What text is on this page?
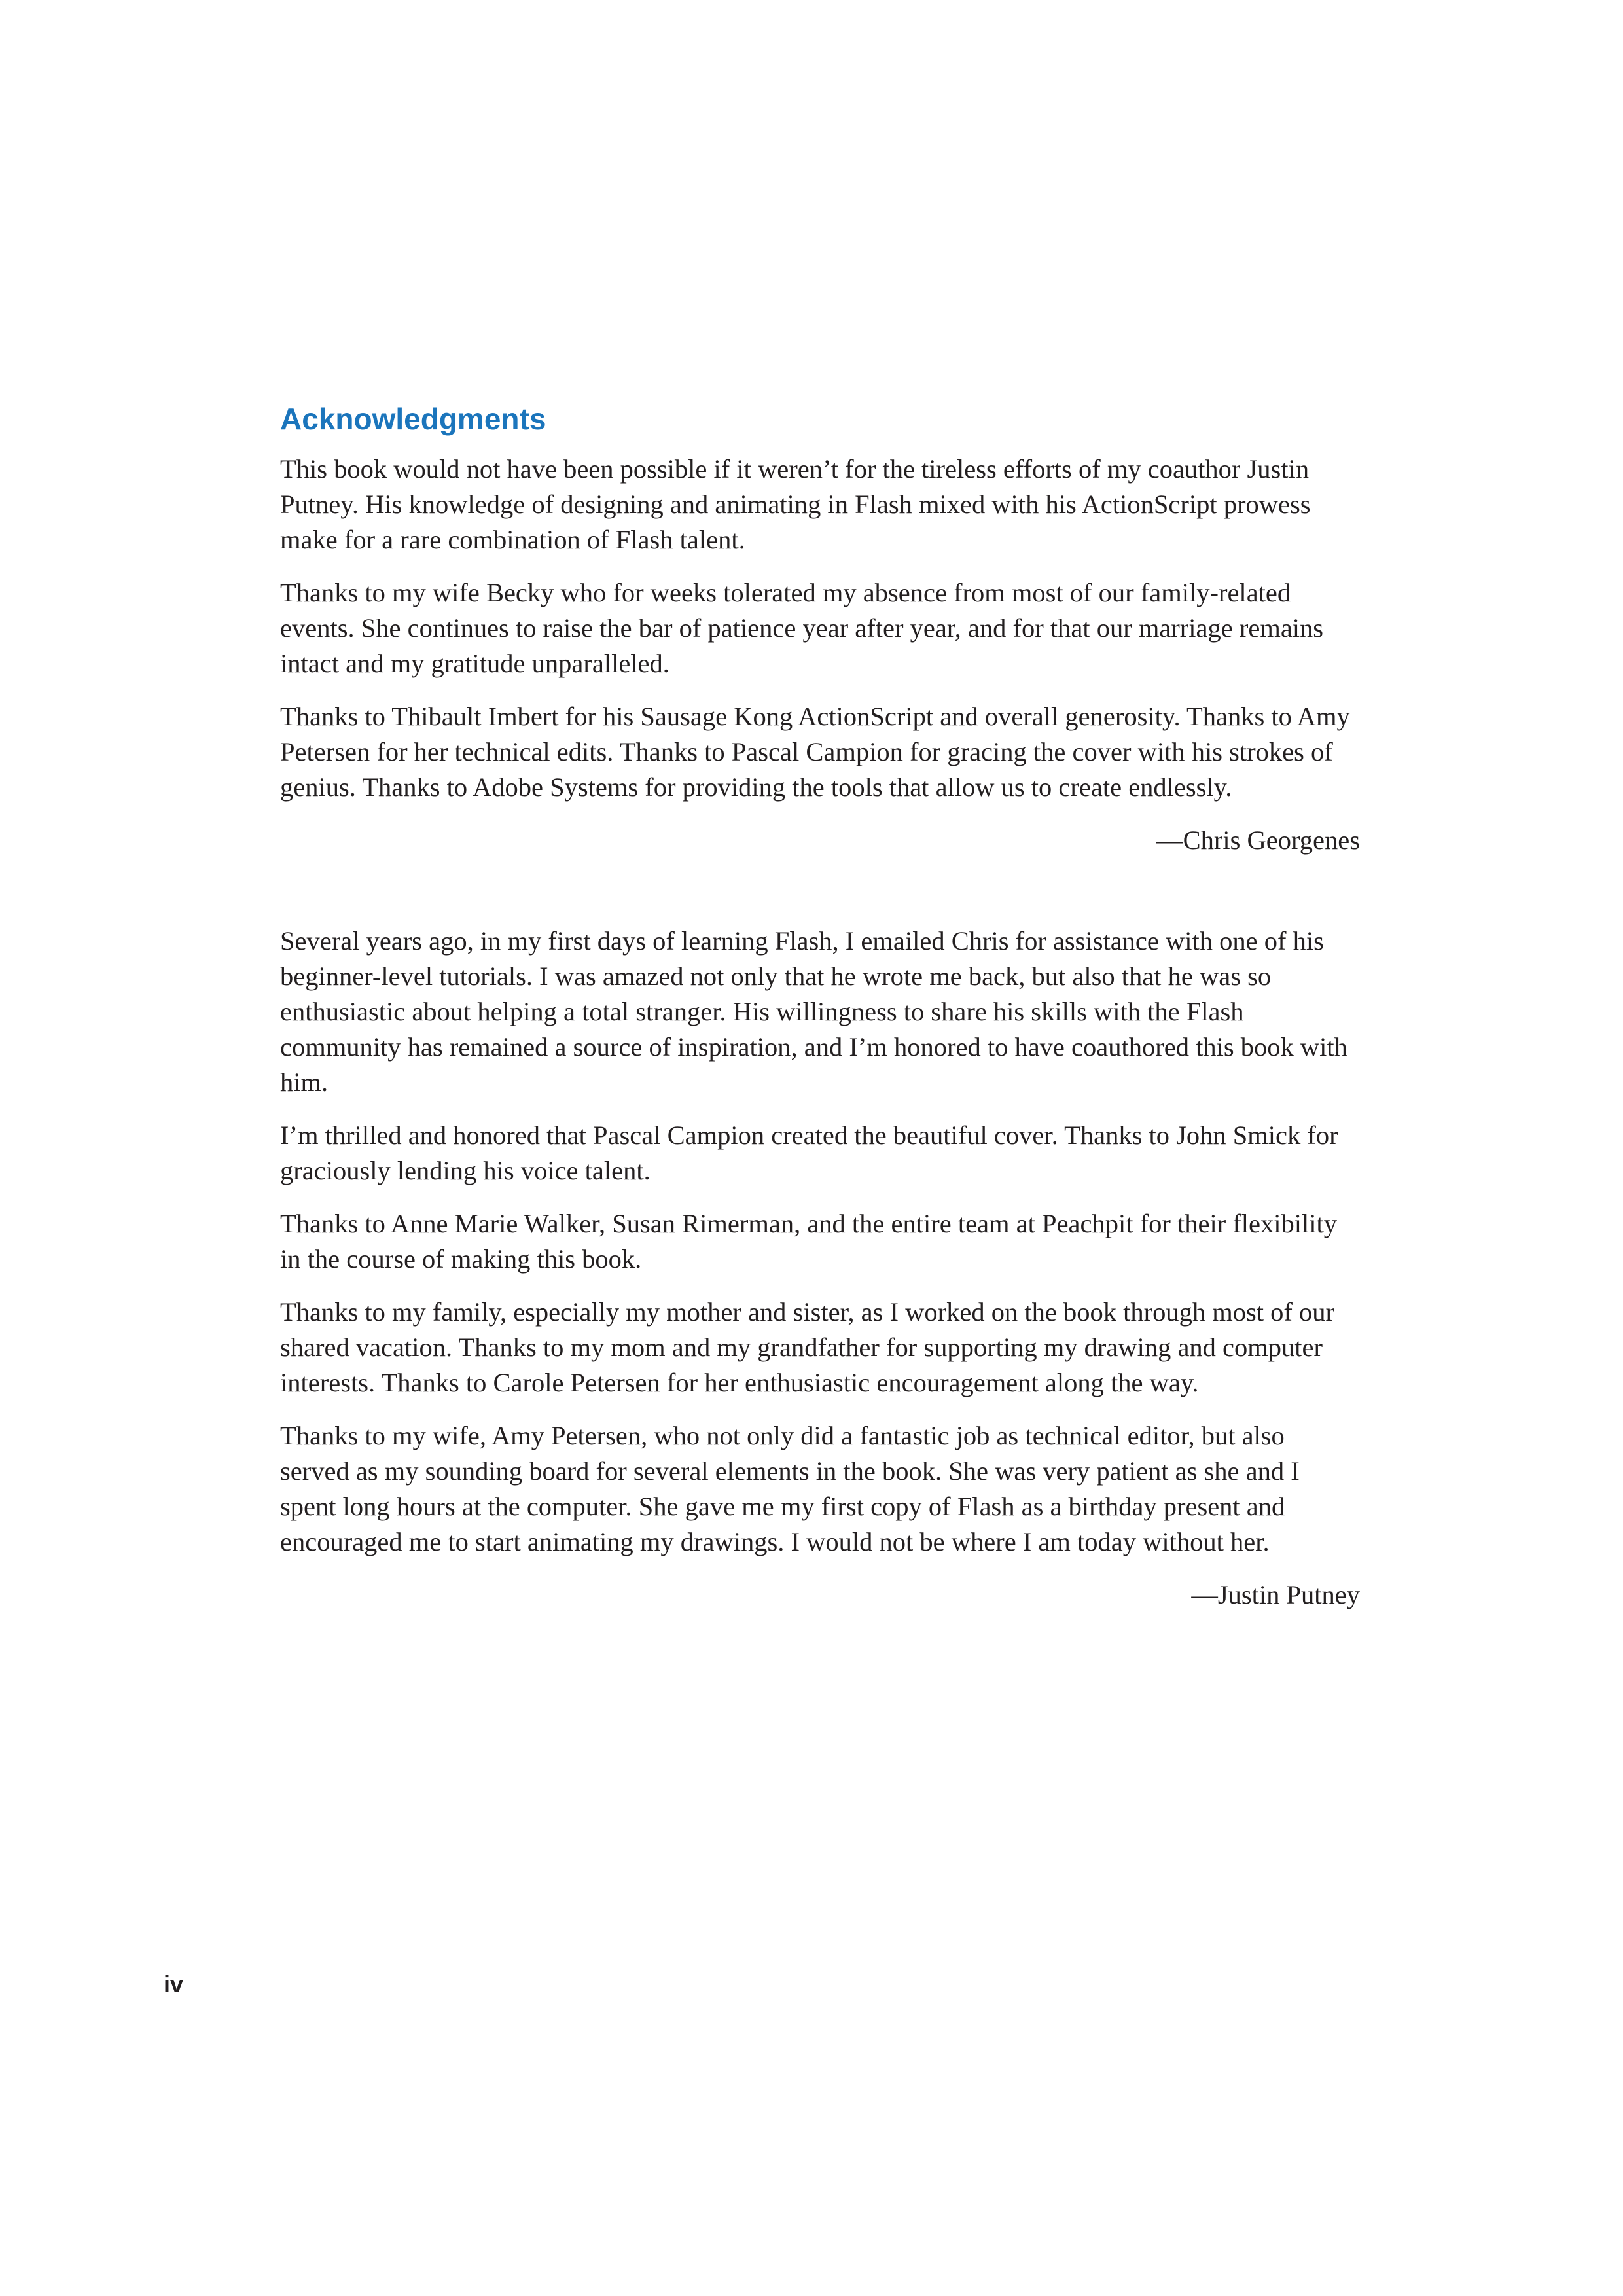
Acknowledgments

This book would not have been possible if it weren’t for the tireless efforts of my coauthor Justin Putney. His knowledge of designing and animating in Flash mixed with his ActionScript prowess make for a rare combination of Flash talent.

Thanks to my wife Becky who for weeks tolerated my absence from most of our family-related events. She continues to raise the bar of patience year after year, and for that our marriage remains intact and my gratitude unparalleled.

Thanks to Thibault Imbert for his Sausage Kong ActionScript and overall generosity. Thanks to Amy Petersen for her technical edits. Thanks to Pascal Campion for gracing the cover with his strokes of genius. Thanks to Adobe Systems for providing the tools that allow us to create endlessly.

—Chris Georgenes

Several years ago, in my first days of learning Flash, I emailed Chris for assistance with one of his beginner-level tutorials. I was amazed not only that he wrote me back, but also that he was so enthusiastic about helping a total stranger. His willingness to share his skills with the Flash community has remained a source of inspiration, and I’m honored to have coauthored this book with him.

I’m thrilled and honored that Pascal Campion created the beautiful cover. Thanks to John Smick for graciously lending his voice talent.

Thanks to Anne Marie Walker, Susan Rimerman, and the entire team at Peachpit for their flexibility in the course of making this book.

Thanks to my family, especially my mother and sister, as I worked on the book through most of our shared vacation. Thanks to my mom and my grandfather for supporting my drawing and computer interests. Thanks to Carole Petersen for her enthusiastic encouragement along the way.

Thanks to my wife, Amy Petersen, who not only did a fantastic job as technical editor, but also served as my sounding board for several elements in the book. She was very patient as she and I spent long hours at the computer. She gave me my first copy of Flash as a birthday present and encouraged me to start animating my drawings. I would not be where I am today without her.

—Justin Putney

iv
